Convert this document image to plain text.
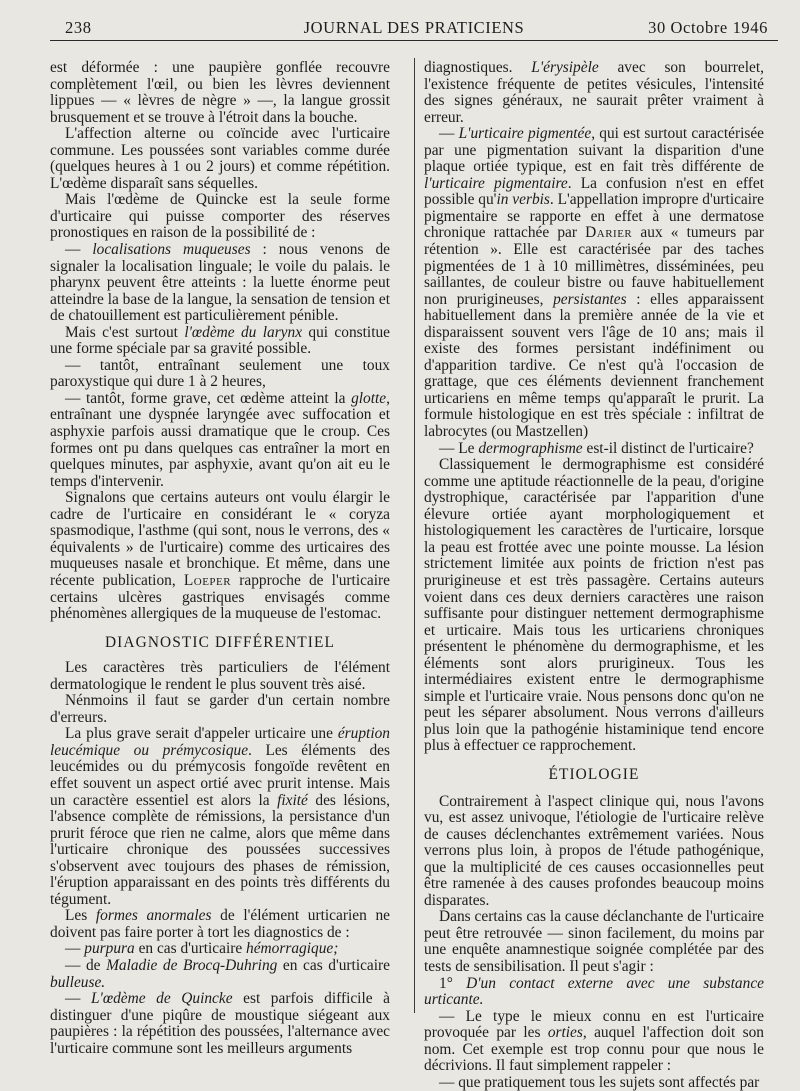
238	JOURNAL DES PRATICIENS	30 Octobre 1946

est déformée : une paupière gonflée recouvre complètement l'œil, ou bien les lèvres deviennent lippues — « lèvres de nègre » —, la langue grossit brusquement et se trouve à l'étroit dans la bouche.

L'affection alterne ou coïncide avec l'urticaire commune. Les poussées sont variables comme durée (quelques heures à 1 ou 2 jours) et comme répétition. L'œdème disparaît sans séquelles.

Mais l'œdème de Quincke est la seule forme d'urticaire qui puisse comporter des réserves pronostiques en raison de la possibilité de :

— localisations muqueuses : nous venons de signaler la localisation linguale; le voile du palais. le pharynx peuvent être atteints : la luette énorme peut atteindre la base de la langue, la sensation de tension et de chatouillement est particulièrement pénible.

Mais c'est surtout l'œdème du larynx qui constitue une forme spéciale par sa gravité possible.

— tantôt, entraînant seulement une toux paroxystique qui dure 1 à 2 heures,

— tantôt, forme grave, cet œdème atteint la glotte, entraînant une dyspnée laryngée avec suffocation et asphyxie parfois aussi dramatique que le croup. Ces formes ont pu dans quelques cas entraîner la mort en quelques minutes, par asphyxie, avant qu'on ait eu le temps d'intervenir.

Signalons que certains auteurs ont voulu élargir le cadre de l'urticaire en considérant le « coryza spasmodique, l'asthme (qui sont, nous le verrons, des « équivalents » de l'urticaire) comme des urticaires des muqueuses nasale et bronchique. Et même, dans une récente publication, Loeper rapproche de l'urticaire certains ulcères gastriques envisagés comme phénomènes allergiques de la muqueuse de l'estomac.

DIAGNOSTIC DIFFÉRENTIEL

Les caractères très particuliers de l'élément dermatologique le rendent le plus souvent très aisé.

Nénmoins il faut se garder d'un certain nombre d'erreurs.

La plus grave serait d'appeler urticaire une éruption leucémique ou prémycosique. Les éléments des leucémides ou du prémycosis fongoïde revêtent en effet souvent un aspect ortié avec prurit intense. Mais un caractère essentiel est alors la fixité des lésions, l'absence complète de rémissions, la persistance d'un prurit féroce que rien ne calme, alors que même dans l'urticaire chronique des poussées successives s'observent avec toujours des phases de rémission, l'éruption apparaissant en des points très différents du tégument.

Les formes anormales de l'élément urticarien ne doivent pas faire porter à tort les diagnostics de :

— purpura en cas d'urticaire hémorragique;

— de Maladie de Brocq-Duhring en cas d'urticaire bulleuse.

— L'œdème de Quincke est parfois difficile à distinguer d'une piqûre de moustique siégeant aux paupières : la répétition des poussées, l'alternance avec l'urticaire commune sont les meilleurs arguments

diagnostiques. L'érysipèle avec son bourrelet, l'existence fréquente de petites vésicules, l'intensité des signes généraux, ne saurait prêter vraiment à erreur.

— L'urticaire pigmentée, qui est surtout caractérisée par une pigmentation suivant la disparition d'une plaque ortiée typique, est en fait très différente de l'urticaire pigmentaire. La confusion n'est en effet possible qu'in verbis. L'appellation impropre d'urticaire pigmentaire se rapporte en effet à une dermatose chronique rattachée par Darier aux « tumeurs par rétention ». Elle est caractérisée par des taches pigmentées de 1 à 10 millimètres, disséminées, peu saillantes, de couleur bistre ou fauve habituellement non prurigineuses, persistantes : elles apparaissent habituellement dans la première année de la vie et disparaissent souvent vers l'âge de 10 ans; mais il existe des formes persistant indéfiniment ou d'apparition tardive. Ce n'est qu'à l'occasion de grattage, que ces éléments deviennent franchement urticariens en même temps qu'apparaît le prurit. La formule histologique en est très spéciale : infiltrat de labrocytes (ou Mastzellen)

— Le dermographisme est-il distinct de l'urticaire?

Classiquement le dermographisme est considéré comme une aptitude réactionnelle de la peau, d'origine dystrophique, caractérisée par l'apparition d'une élevure ortiée ayant morphologiquement et histologiquement les caractères de l'urticaire, lorsque la peau est frottée avec une pointe mousse. La lésion strictement limitée aux points de friction n'est pas prurigineuse et est très passagère. Certains auteurs voient dans ces deux derniers caractères une raison suffisante pour distinguer nettement dermographisme et urticaire. Mais tous les urticariens chroniques présentent le phénomène du dermographisme, et les éléments sont alors prurigineux. Tous les intermédiaires existent entre le dermographisme simple et l'urticaire vraie. Nous pensons donc qu'on ne peut les séparer absolument. Nous verrons d'ailleurs plus loin que la pathogénie histaminique tend encore plus à effectuer ce rapprochement.

ÉTIOLOGIE

Contrairement à l'aspect clinique qui, nous l'avons vu, est assez univoque, l'étiologie de l'urticaire relève de causes déclenchantes extrêmement variées. Nous verrons plus loin, à propos de l'étude pathogénique, que la multiplicité de ces causes occasionnelles peut être ramenée à des causes profondes beaucoup moins disparates.

Dans certains cas la cause déclanchante de l'urticaire peut être retrouvée — sinon facilement, du moins par une enquête anamnestique soignée complétée par des tests de sensibilisation. Il peut s'agir :

1° D'un contact externe avec une substance urticante.

— Le type le mieux connu en est l'urticaire provoquée par les orties, auquel l'affection doit son nom. Cet exemple est trop connu pour que nous le décrivions. Il faut simplement rappeler :

— que pratiquement tous les sujets sont affectés par
